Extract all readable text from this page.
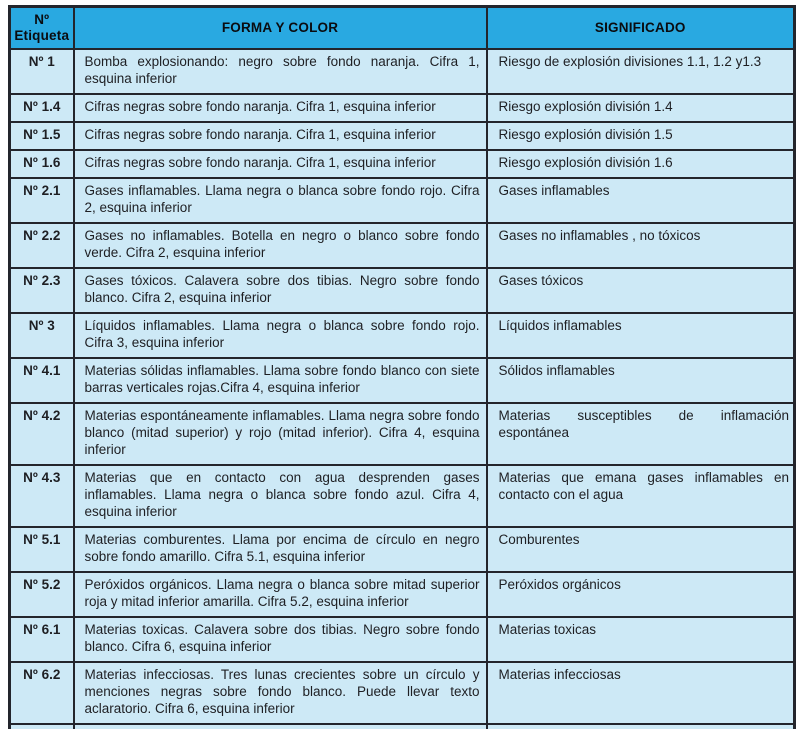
Nº Etiqueta	FORMA Y COLOR	SIGNIFICADO
Nº 1	Bomba explosionando: negro sobre fondo naranja. Cifra 1, esquina inferior	Riesgo de explosión divisiones 1.1, 1.2 y1.3
Nº 1.4	Cifras negras sobre fondo naranja. Cifra 1, esquina inferior	Riesgo explosión división 1.4
Nº 1.5	Cifras negras sobre fondo naranja. Cifra 1, esquina inferior	Riesgo explosión división 1.5
Nº 1.6	Cifras negras sobre fondo naranja. Cifra 1, esquina inferior	Riesgo explosión división 1.6
Nº 2.1	Gases inflamables. Llama negra o blanca sobre fondo rojo. Cifra 2, esquina inferior	Gases inflamables
Nº 2.2	Gases no inflamables. Botella en negro o blanco sobre fondo verde. Cifra 2, esquina inferior	Gases no inflamables , no tóxicos
Nº 2.3	Gases tóxicos. Calavera sobre dos tibias. Negro sobre fondo blanco. Cifra 2, esquina inferior	Gases tóxicos
Nº 3	Líquidos inflamables. Llama negra o blanca sobre fondo rojo. Cifra 3, esquina inferior	Líquidos inflamables
Nº 4.1	Materias sólidas inflamables. Llama sobre fondo blanco con siete barras verticales rojas.Cifra 4, esquina inferior	Sólidos inflamables
Nº 4.2	Materias espontáneamente inflamables. Llama negra sobre fondo blanco (mitad superior) y rojo (mitad inferior). Cifra 4, esquina inferior	Materias susceptibles de inflamación espontánea
Nº 4.3	Materias que en contacto con agua desprenden gases inflamables. Llama negra o blanca sobre fondo azul. Cifra 4, esquina inferior	Materias que emana gases inflamables en contacto con el agua
Nº 5.1	Materias comburentes. Llama por encima de círculo en negro sobre fondo amarillo. Cifra 5.1, esquina inferior	Comburentes
Nº 5.2	Peróxidos orgánicos. Llama negra o blanca sobre mitad superior roja y mitad inferior amarilla. Cifra 5.2, esquina inferior	Peróxidos orgánicos
Nº 6.1	Materias toxicas. Calavera sobre dos tibias. Negro sobre fondo blanco. Cifra 6, esquina inferior	Materias toxicas
Nº 6.2	Materias infecciosas. Tres lunas crecientes sobre un círculo y menciones negras sobre fondo blanco. Puede llevar texto aclaratorio. Cifra 6, esquina inferior	Materias infecciosas
